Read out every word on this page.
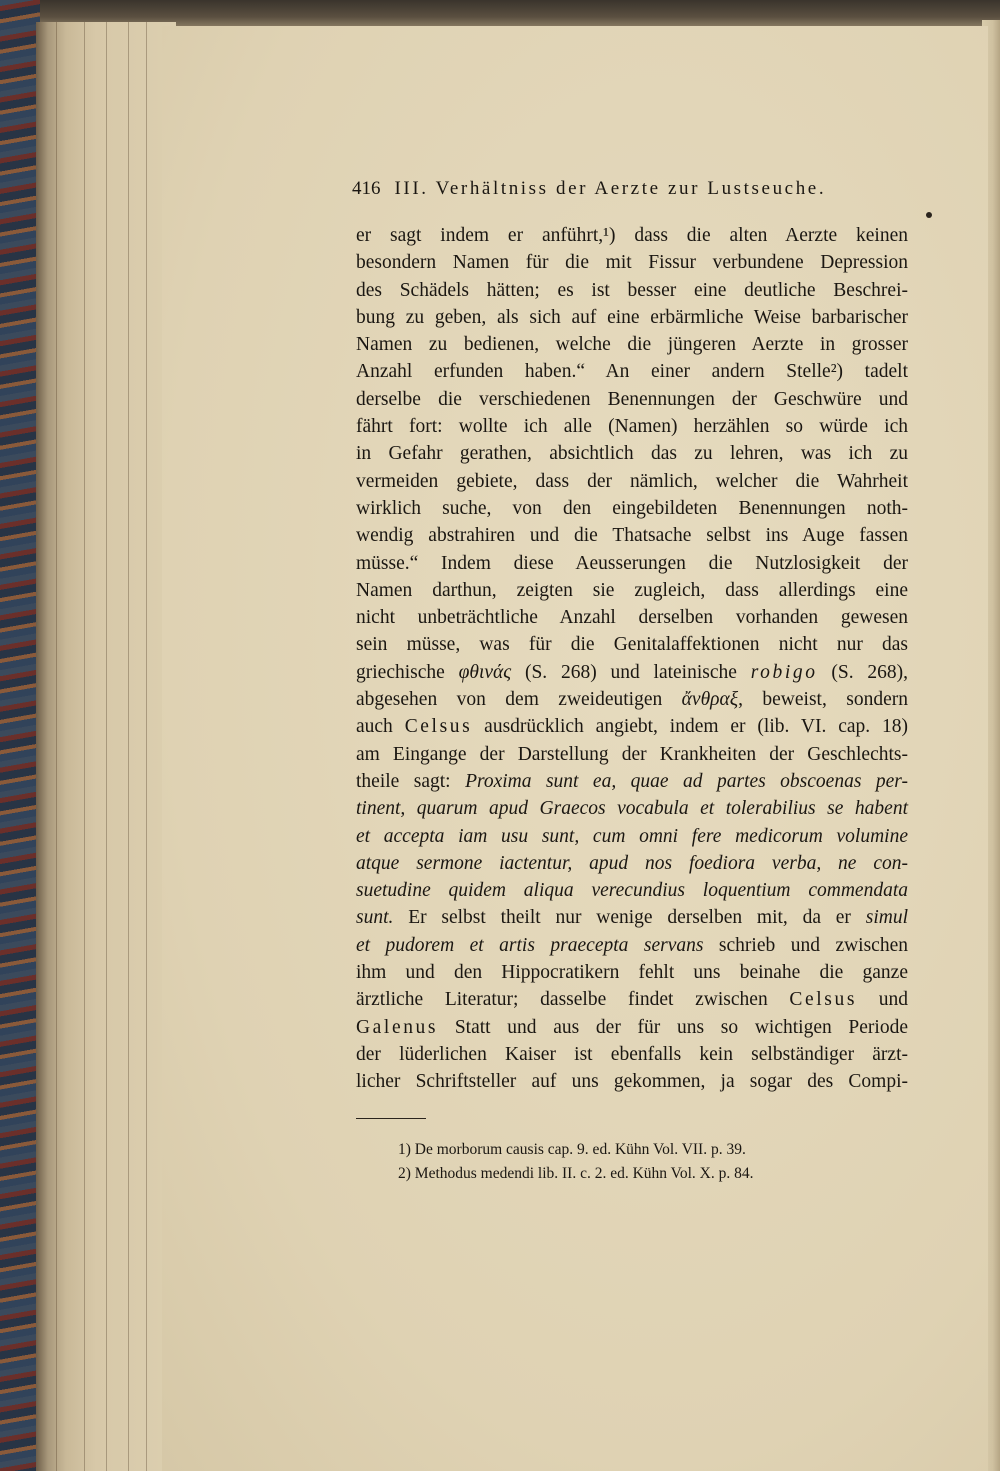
416 III. Verhältniss der Aerzte zur Lustseuche.
er sagt indem er anführt,¹) dass die alten Aerzte keinen
besondern Namen für die mit Fissur verbundene Depression
des Schädels hätten; es ist besser eine deutliche Beschrei-
bung zu geben, als sich auf eine erbärmliche Weise barbarischer
Namen zu bedienen, welche die jüngeren Aerzte in grosser
Anzahl erfunden haben.“ An einer andern Stelle²) tadelt
derselbe die verschiedenen Benennungen der Geschwüre und
fährt fort: wollte ich alle (Namen) herzählen so würde ich
in Gefahr gerathen, absichtlich das zu lehren, was ich zu
vermeiden gebiete, dass der nämlich, welcher die Wahrheit
wirklich suche, von den eingebildeten Benennungen noth-
wendig abstrahiren und die Thatsache selbst ins Auge fassen
müsse.“ Indem diese Aeusserungen die Nutzlosigkeit der
Namen darthun, zeigten sie zugleich, dass allerdings eine
nicht unbeträchtliche Anzahl derselben vorhanden gewesen
sein müsse, was für die Genitalaffektionen nicht nur das
griechische φθινάς (S. 268) und lateinische robigo (S. 268),
abgesehen von dem zweideutigen ἄνθραξ, beweist, sondern
auch Celsus ausdrücklich angiebt, indem er (lib. VI. cap. 18)
am Eingange der Darstellung der Krankheiten der Geschlechts-
theile sagt: Proxima sunt ea, quae ad partes obscoenas per-
tinent, quarum apud Graecos vocabula et tolerabilius se habent
et accepta iam usu sunt, cum omni fere medicorum volumine
atque sermone iactentur, apud nos foediora verba, ne con-
suetudine quidem aliqua verecundius loquentium commendata
sunt. Er selbst theilt nur wenige derselben mit, da er simul
et pudorem et artis praecepta servans schrieb und zwischen
ihm und den Hippocratikern fehlt uns beinahe die ganze
ärztliche Literatur; dasselbe findet zwischen Celsus und
Galenus Statt und aus der für uns so wichtigen Periode
der lüderlichen Kaiser ist ebenfalls kein selbständiger ärzt-
licher Schriftsteller auf uns gekommen, ja sogar des Compi-
1) De morborum causis cap. 9. ed. Kühn Vol. VII. p. 39.
2) Methodus medendi lib. II. c. 2. ed. Kühn Vol. X. p. 84.
